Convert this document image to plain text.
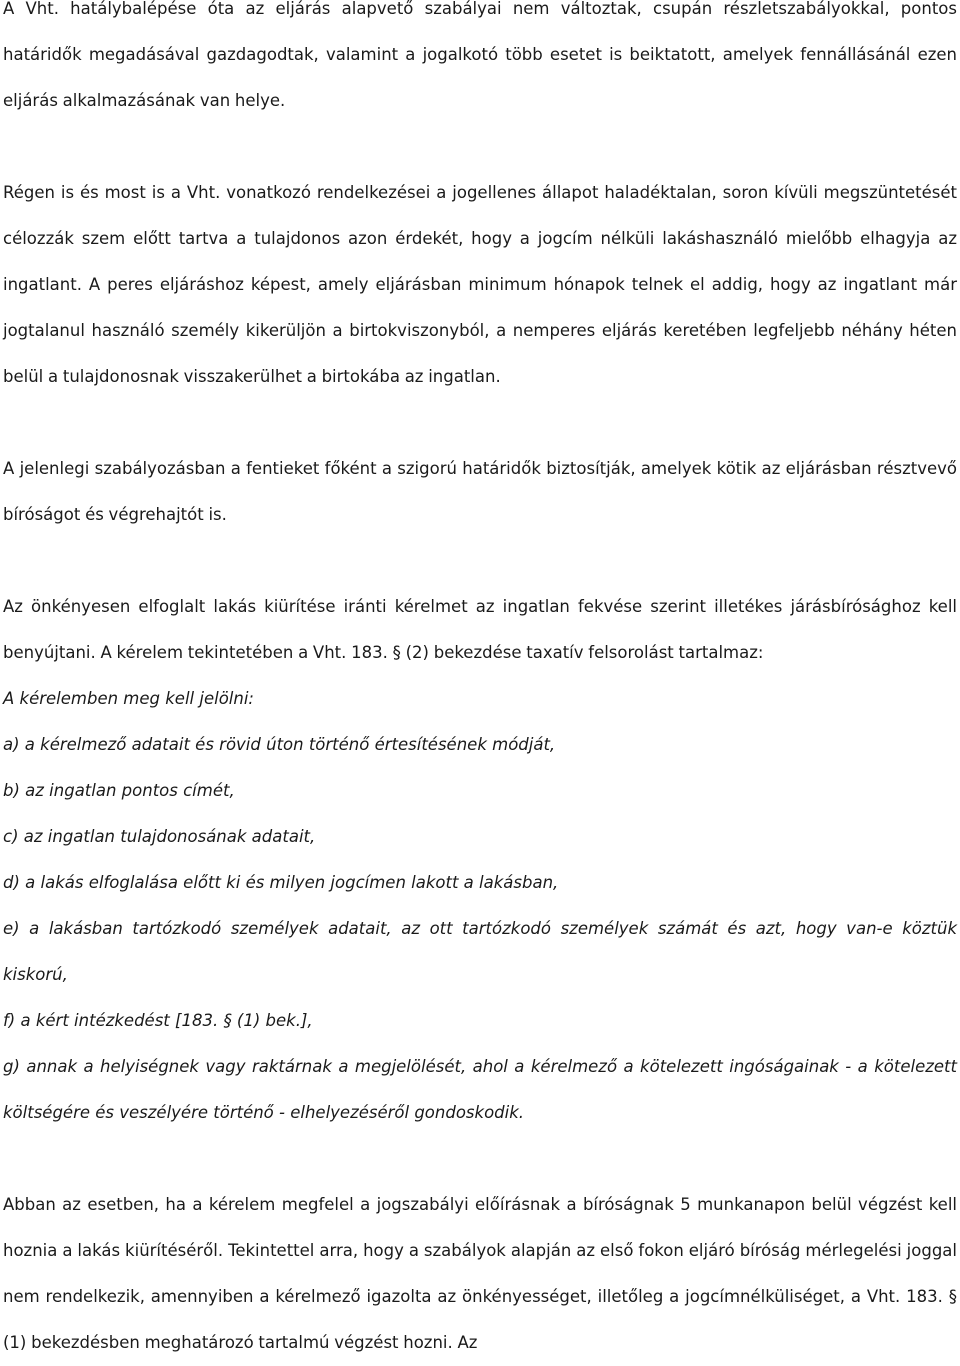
A Vht. hatálybalépése óta az eljárás alapvető szabályai nem változtak, csupán részletszabályokkal, pontos határidők megadásával gazdagodtak, valamint a jogalkotó több esetet is beiktatott, amelyek fennállásánál ezen eljárás alkalmazásának van helye.

Régen is és most is a Vht. vonatkozó rendelkezései a jogellenes állapot haladéktalan, soron kívüli megszüntetését célozzák szem előtt tartva a tulajdonos azon érdekét, hogy a jogcím nélküli lakáshasználó mielőbb elhagyja az ingatlant. A peres eljáráshoz képest, amely eljárásban minimum hónapok telnek el addig, hogy az ingatlant már jogtalanul használó személy kikerüljön a birtokviszonyból, a nemperes eljárás keretében legfeljebb néhány héten belül a tulajdonosnak visszakerülhet a birtokába az ingatlan.

A jelenlegi szabályozásban a fentieket főként a szigorú határidők biztosítják, amelyek kötik az eljárásban résztvevő bíróságot és végrehajtót is.

Az önkényesen elfoglalt lakás kiürítése iránti kérelmet az ingatlan fekvése szerint illetékes járásbírósághoz kell benyújtani. A kérelem tekintetében a Vht. 183. § (2) bekezdése taxatív felsorolást tartalmaz:

A kérelemben meg kell jelölni:

a) a kérelmező adatait és rövid úton történő értesítésének módját,

b) az ingatlan pontos címét,

c) az ingatlan tulajdonosának adatait,

d) a lakás elfoglalása előtt ki és milyen jogcímen lakott a lakásban,

e) a lakásban tartózkodó személyek adatait, az ott tartózkodó személyek számát és azt, hogy van-e köztük kiskorú,

f) a kért intézkedést [183. § (1) bek.],

g) annak a helyiségnek vagy raktárnak a megjelölését, ahol a kérelmező a kötelezett ingóságainak - a kötelezett költségére és veszélyére történő - elhelyezéséről gondoskodik.

Abban az esetben, ha a kérelem megfelel a jogszabályi előírásnak a bíróságnak 5 munkanapon belül végzést kell hoznia a lakás kiürítéséről. Tekintettel arra, hogy a szabályok alapján az első fokon eljáró bíróság mérlegelési joggal nem rendelkezik, amennyiben a kérelmező igazolta az önkényességet, illetőleg a jogcímnélküliséget, a Vht. 183. § (1) bekezdésben meghatározó tartalmú végzést hozni. Az
